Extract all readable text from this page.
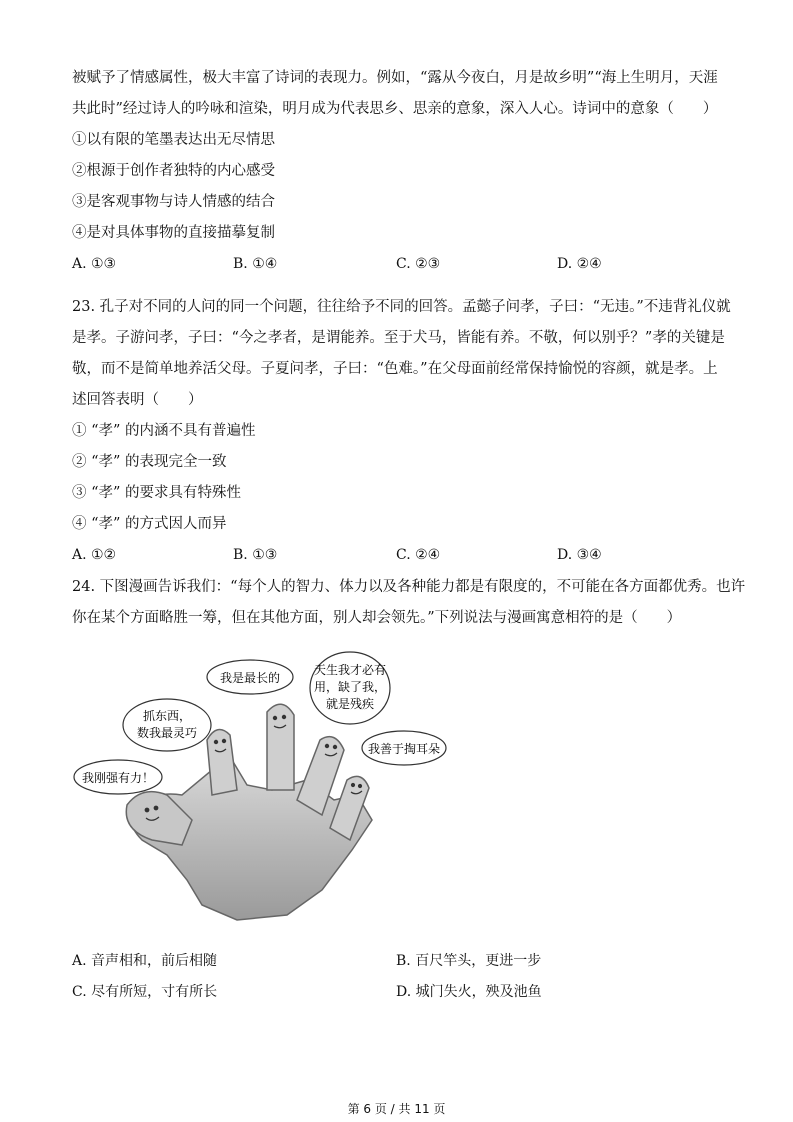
被赋予了情感属性，极大丰富了诗词的表现力。例如，“露从今夜白，月是故乡明”“海上生明月，天涯
共此时”经过诗人的吟咏和渲染，明月成为代表思乡、思亲的意象，深入人心。诗词中的意象（　　）
①以有限的笔墨表达出无尽情思
②根源于创作者独特的内心感受
③是客观事物与诗人情感的结合
④是对具体事物的直接描摹复制
A. ①③	B. ①④	C. ②③	D. ②④
23. 孔子对不同的人问的同一个问题，往往给予不同的回答。孟懿子问孝，子曰：“无违。”不违背礼仪就
是孝。子游问孝，子曰：“今之孝者，是谓能养。至于犬马，皆能有养。不敬，何以别乎？”孝的关键是
敬，而不是简单地养活父母。子夏问孝，子曰：“色难。”在父母面前经常保持愉悦的容颜，就是孝。上
述回答表明（　　）
① “孝” 的内涵不具有普遍性
② “孝” 的表现完全一致
③ “孝” 的要求具有特殊性
④ “孝” 的方式因人而异
A. ①②	B. ①③	C. ②④	D. ③④
24. 下图漫画告诉我们：“每个人的智力、体力以及各种能力都是有限度的，不可能在各方面都优秀。也许
你在某个方面略胜一筹，但在其他方面，别人却会领先。”下列说法与漫画寓意相符的是（　　）
我刚强有力！
抓东西，
数我最灵巧
我是最长的
天生我才必有
用，缺了我，
就是残疾
我善于掏耳朵
A. 音声相和，前后相随	B. 百尺竿头，更进一步
C. 尽有所短，寸有所长	D. 城门失火，殃及池鱼
第 6 页 / 共 11 页
